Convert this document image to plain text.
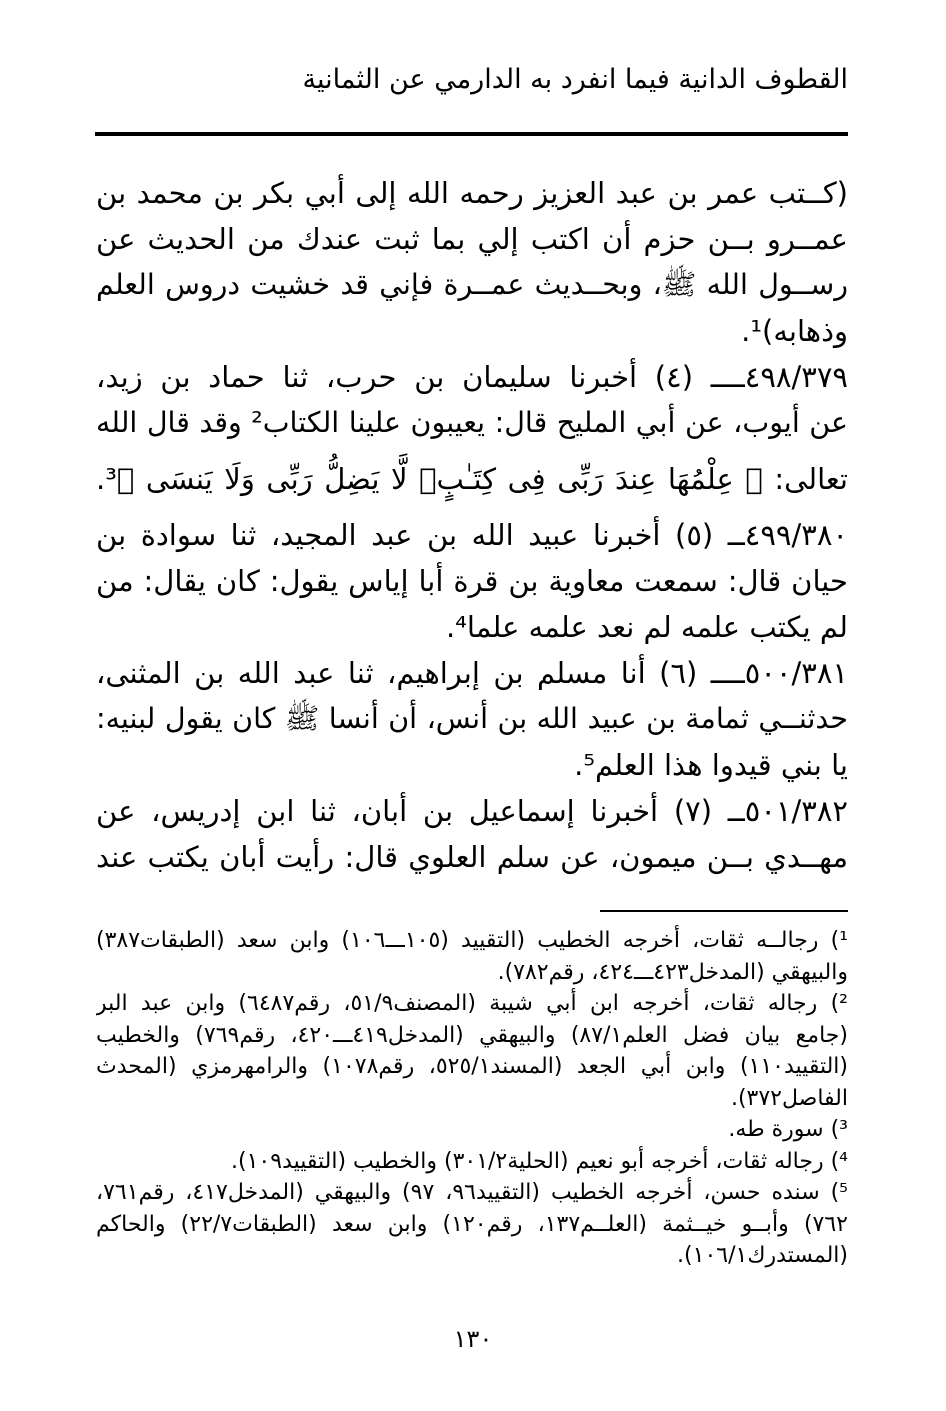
القطوف الدانية فيما انفرد به الدارمي عن الثمانية
(كــتب عمر بن عبد العزيز رحمه الله إلى أبي بكر بن محمد بن
عمــرو بــن حزم أن اكتب إلي بما ثبت عندك من الحديث عن
رســول الله ﷺ، وبحــديث عمــرة فإني قد خشيت دروس العلم
وذهابه)¹.
٤٩٨/٣٧٩ــــ (٤) أخبرنا سليمان بن حرب، ثنا حماد بن زيد،
عن أيوب، عن أبي المليح قال: يعيبون علينا الكتاب² وقد قال الله
تعالى: ﴿ عِلْمُهَا عِندَ رَبِّى فِى كِتَـٰبٍۖ لَّا يَضِلُّ رَبِّى وَلَا يَنسَى ﴾³.
٤٩٩/٣٨٠ــ (٥) أخبرنا عبيد الله بن عبد المجيد، ثنا سوادة بن
حيان قال: سمعت معاوية بن قرة أبا إياس يقول: كان يقال: من
لم يكتب علمه لم نعد علمه علما⁴.
٥٠٠/٣٨١ــــ (٦) أنا مسلم بن إبراهيم، ثنا عبد الله بن المثنى،
حدثنــي ثمامة بن عبيد الله بن أنس، أن أنسا ﷺ كان يقول لبنيه:
يا بني قيدوا هذا العلم⁵.
٥٠١/٣٨٢ــ (٧) أخبرنا إسماعيل بن أبان، ثنا ابن إدريس، عن
مهــدي بــن ميمون، عن سلم العلوي قال: رأيت أبان يكتب عند
¹) رجالــه ثقات، أخرجه الخطيب (التقييد (١٠٥ـــ١٠٦) وابن سعد (الطبقات٣٨٧)
والبيهقي (المدخل٤٢٣ـــ٤٢٤، رقم٧٨٢).
²) رجاله ثقات، أخرجه ابن أبي شيبة (المصنف٥١/٩، رقم٦٤٨٧) وابن عبد البر
(جامع بيان فضل العلم٨٧/١) والبيهقي (المدخل٤١٩ـــ٤٢٠، رقم٧٦٩) والخطيب
(التقييد١١٠) وابن أبي الجعد (المسند٥٢٥/١، رقم١٠٧٨) والرامهرمزي (المحدث
الفاصل٣٧٢).
³) سورة طه.
⁴) رجاله ثقات، أخرجه أبو نعيم (الحلية٣٠١/٢) والخطيب (التقييد١٠٩).
⁵) سنده حسن، أخرجه الخطيب (التقييد٩٦، ٩٧) والبيهقي (المدخل٤١٧، رقم٧٦١،
٧٦٢) وأبــو خيــثمة (العلــم١٣٧، رقم١٢٠) وابن سعد (الطبقات٢٢/٧) والحاكم
(المستدرك١٠٦/١).
١٣٠
